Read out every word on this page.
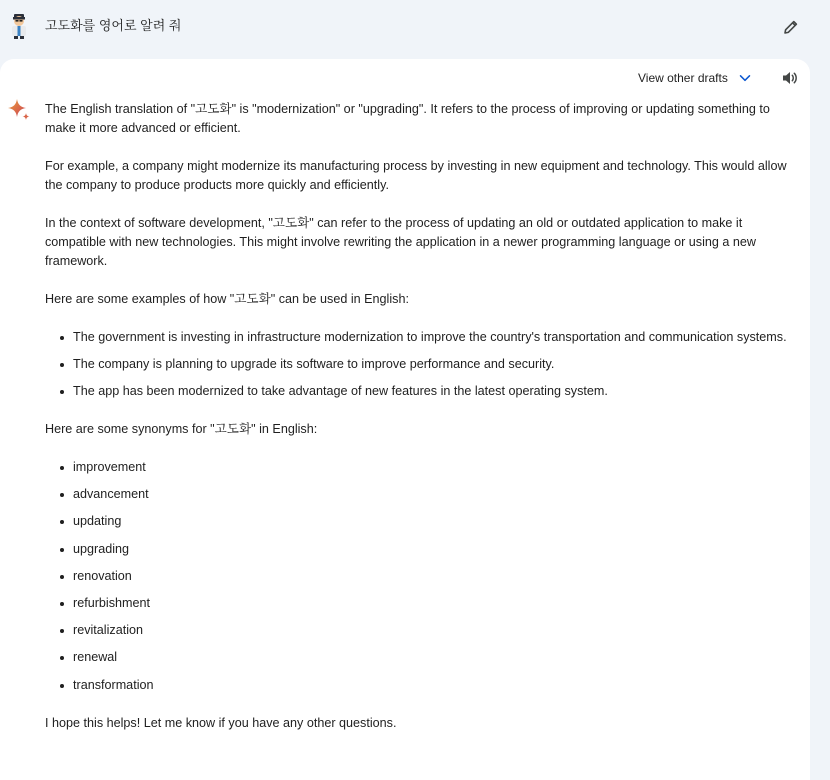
고도화를 영어로 알려 줘
View other drafts

The English translation of "고도화" is "modernization" or "upgrading". It refers to the process of improving or updating something to make it more advanced or efficient.

For example, a company might modernize its manufacturing process by investing in new equipment and technology. This would allow the company to produce products more quickly and efficiently.

In the context of software development, "고도화" can refer to the process of updating an old or outdated application to make it compatible with new technologies. This might involve rewriting the application in a newer programming language or using a new framework.

Here are some examples of how "고도화" can be used in English:

The government is investing in infrastructure modernization to improve the country's transportation and communication systems.
The company is planning to upgrade its software to improve performance and security.
The app has been modernized to take advantage of new features in the latest operating system.

Here are some synonyms for "고도화" in English:

improvement
advancement
updating
upgrading
renovation
refurbishment
revitalization
renewal
transformation

I hope this helps! Let me know if you have any other questions.
